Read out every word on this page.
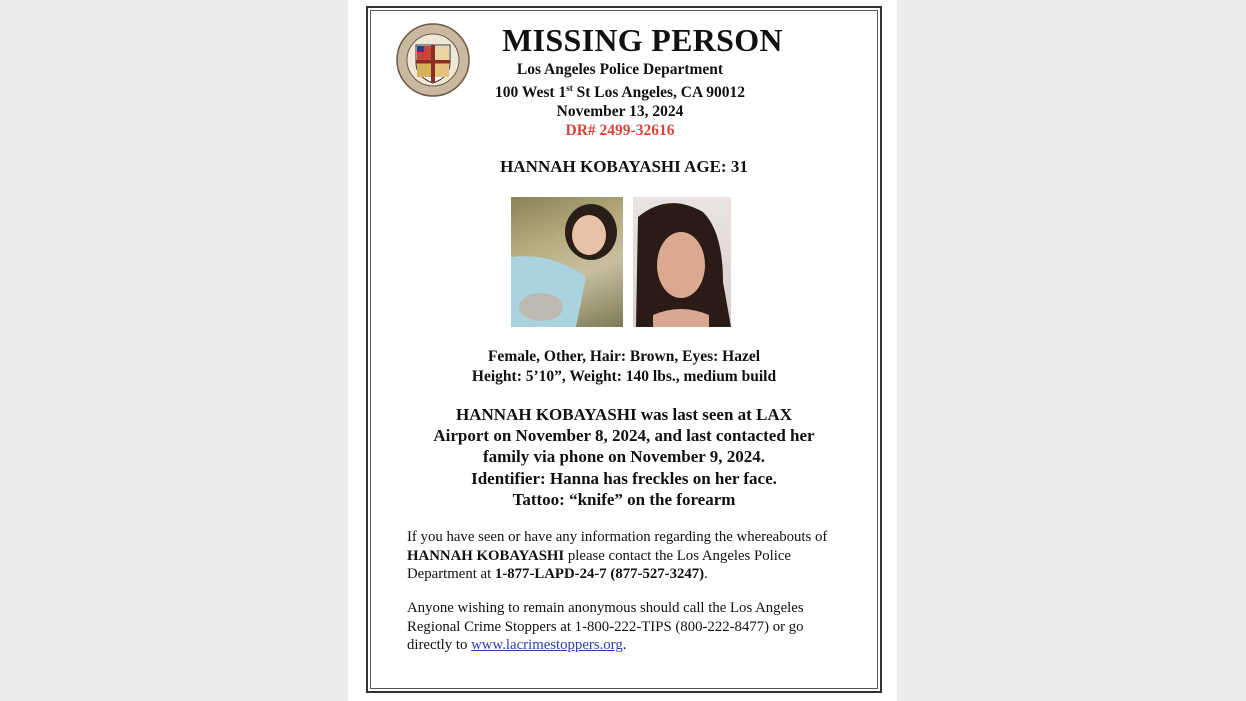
MISSING PERSON
Los Angeles Police Department
100 West 1st St Los Angeles, CA 90012
November 13, 2024
DR# 2499-32616
HANNAH KOBAYASHI AGE: 31
Female, Other, Hair: Brown, Eyes: Hazel
Height: 5’10”, Weight: 140 lbs., medium build
HANNAH KOBAYASHI was last seen at LAX
Airport on November 8, 2024, and last contacted her
family via phone on November 9, 2024.
Identifier: Hanna has freckles on her face.
Tattoo: “knife” on the forearm
If you have seen or have any information regarding the whereabouts of HANNAH KOBAYASHI please contact the Los Angeles Police Department at 1-877-LAPD-24-7 (877-527-3247).
Anyone wishing to remain anonymous should call the Los Angeles Regional Crime Stoppers at 1-800-222-TIPS (800-222-8477) or go directly to www.lacrimestoppers.org.
